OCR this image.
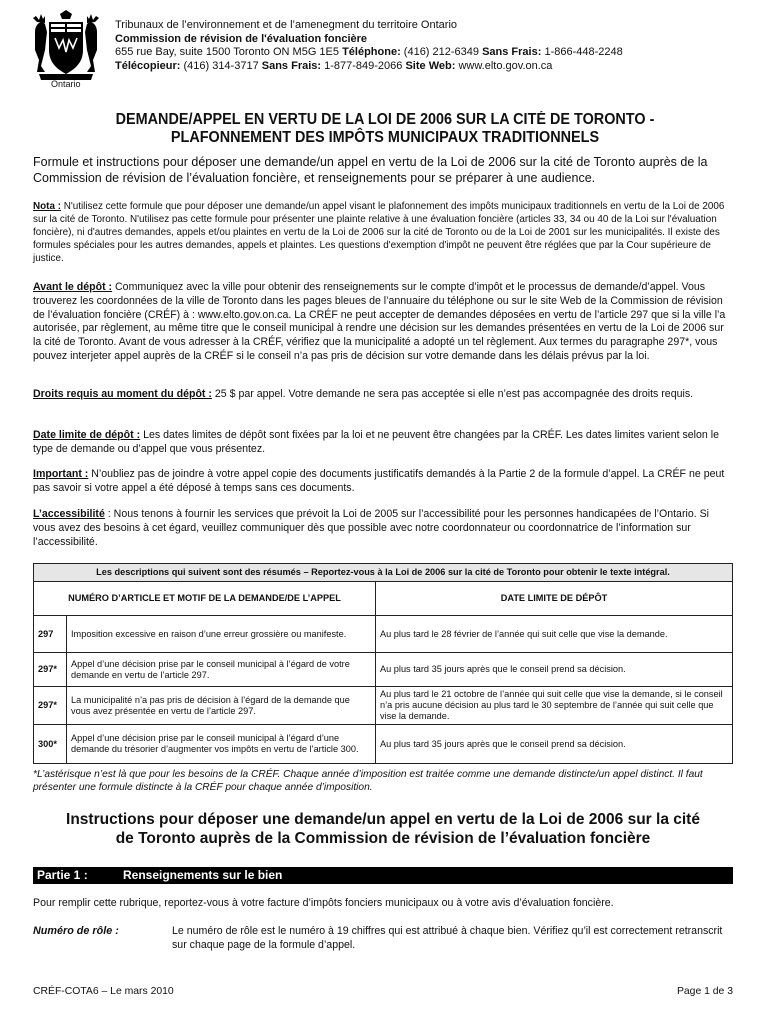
Ontario
Tribunaux de l’environnement et de l’amenegment du territoire Ontario
Commission de révision de l'évaluation foncière
655 rue Bay, suite 1500 Toronto ON M5G 1E5 Téléphone: (416) 212-6349 Sans Frais: 1-866-448-2248
Télécopieur: (416) 314-3717 Sans Frais: 1-877-849-2066 Site Web: www.elto.gov.on.ca
DEMANDE/APPEL EN VERTU DE LA LOI DE 2006 SUR LA CITÉ DE TORONTO -
PLAFONNEMENT DES IMPÔTS MUNICIPAUX TRADITIONNELS
Formule et instructions pour déposer une demande/un appel en vertu de la Loi de 2006 sur la cité de Toronto auprès de la Commission de révision de l’évaluation foncière, et renseignements pour se préparer à une audience.
Nota : N'utilisez cette formule que pour déposer une demande/un appel visant le plafonnement des impôts municipaux traditionnels en vertu de la Loi de 2006 sur la cité de Toronto. N'utilisez pas cette formule pour présenter une plainte relative à une évaluation foncière (articles 33, 34 ou 40 de la Loi sur l'évaluation foncière), ni d'autres demandes, appels et/ou plaintes en vertu de la Loi de 2006 sur la cité de Toronto ou de la Loi de 2001 sur les municipalités. Il existe des formules spéciales pour les autres demandes, appels et plaintes. Les questions d'exemption d'impôt ne peuvent être réglées que par la Cour supérieure de justice.
Avant le dépôt : Communiquez avec la ville pour obtenir des renseignements sur le compte d’impôt et le processus de demande/d’appel. Vous trouverez les coordonnées de la ville de Toronto dans les pages bleues de l’annuaire du téléphone ou sur le site Web de la Commission de révision de l’évaluation foncière (CRÉF) à : www.elto.gov.on.ca. La CRÉF ne peut accepter de demandes déposées en vertu de l’article 297 que si la ville l’a autorisée, par règlement, au même titre que le conseil municipal à rendre une décision sur les demandes présentées en vertu de la Loi de 2006 sur la cité de Toronto. Avant de vous adresser à la CRÉF, vérifiez que la municipalité a adopté un tel règlement. Aux termes du paragraphe 297*, vous pouvez interjeter appel auprès de la CRÉF si le conseil n’a pas pris de décision sur votre demande dans les délais prévus par la loi.
Droits requis au moment du dépôt : 25 $ par appel. Votre demande ne sera pas acceptée si elle n’est pas accompagnée des droits requis.
Date limite de dépôt : Les dates limites de dépôt sont fixées par la loi et ne peuvent être changées par la CRÉF. Les dates limites varient selon le type de demande ou d’appel que vous présentez.
Important : N’oubliez pas de joindre à votre appel copie des documents justificatifs demandés à la Partie 2 de la formule d’appel. La CRÉF ne peut pas savoir si votre appel a été déposé à temps sans ces documents.
L’accessibilité : Nous tenons à fournir les services que prévoit la Loi de 2005 sur l’accessibilité pour les personnes handicapées de l’Ontario. Si vous avez des besoins à cet égard, veuillez communiquer dès que possible avec notre coordonnateur ou coordonnatrice de l’information sur l’accessibilité.
Les descriptions qui suivent sont des résumés – Reportez-vous à la Loi de 2006 sur la cité de Toronto pour obtenir le texte intégral.		
NUMÉRO D’ARTICLE ET MOTIF DE LA DEMANDE/DE L’APPEL		DATE LIMITE DE DÉPÔT
297	Imposition excessive en raison d’une erreur grossière ou manifeste.	Au plus tard le 28 février de l’année qui suit celle que vise la demande.
297*	Appel d’une décision prise par le conseil municipal à l’égard de votre demande en vertu de l’article 297.	Au plus tard 35 jours après que le conseil prend sa décision.
297*	La municipalité n’a pas pris de décision à l’égard de la demande que vous avez présentée en vertu de l’article 297.	Au plus tard le 21 octobre de l’année qui suit celle que vise la demande, si le conseil n’a pris aucune décision au plus tard le 30 septembre de l’année qui suit celle que vise la demande.
300*	Appel d’une décision prise par le conseil municipal à l’égard d’une demande du trésorier d’augmenter vos impôts en vertu de l’article 300.	Au plus tard 35 jours après que le conseil prend sa décision.
*L’astérisque n’est là que pour les besoins de la CRÉF. Chaque année d’imposition est traitée comme une demande distincte/un appel distinct. Il faut présenter une formule distincte à la CRÉF pour chaque année d’imposition.
Instructions pour déposer une demande/un appel en vertu de la Loi de 2006 sur la cité
de Toronto auprès de la Commission de révision de l’évaluation foncière
Partie 1 :	Renseignements sur le bien
Pour remplir cette rubrique, reportez-vous à votre facture d’impôts fonciers municipaux ou à votre avis d’évaluation foncière.
Numéro de rôle :	Le numéro de rôle est le numéro à 19 chiffres qui est attribué à chaque bien. Vérifiez qu’il est correctement retranscrit sur chaque page de la formule d’appel.
CRÉF-COTA6 – Le mars 2010	Page 1 de 3
